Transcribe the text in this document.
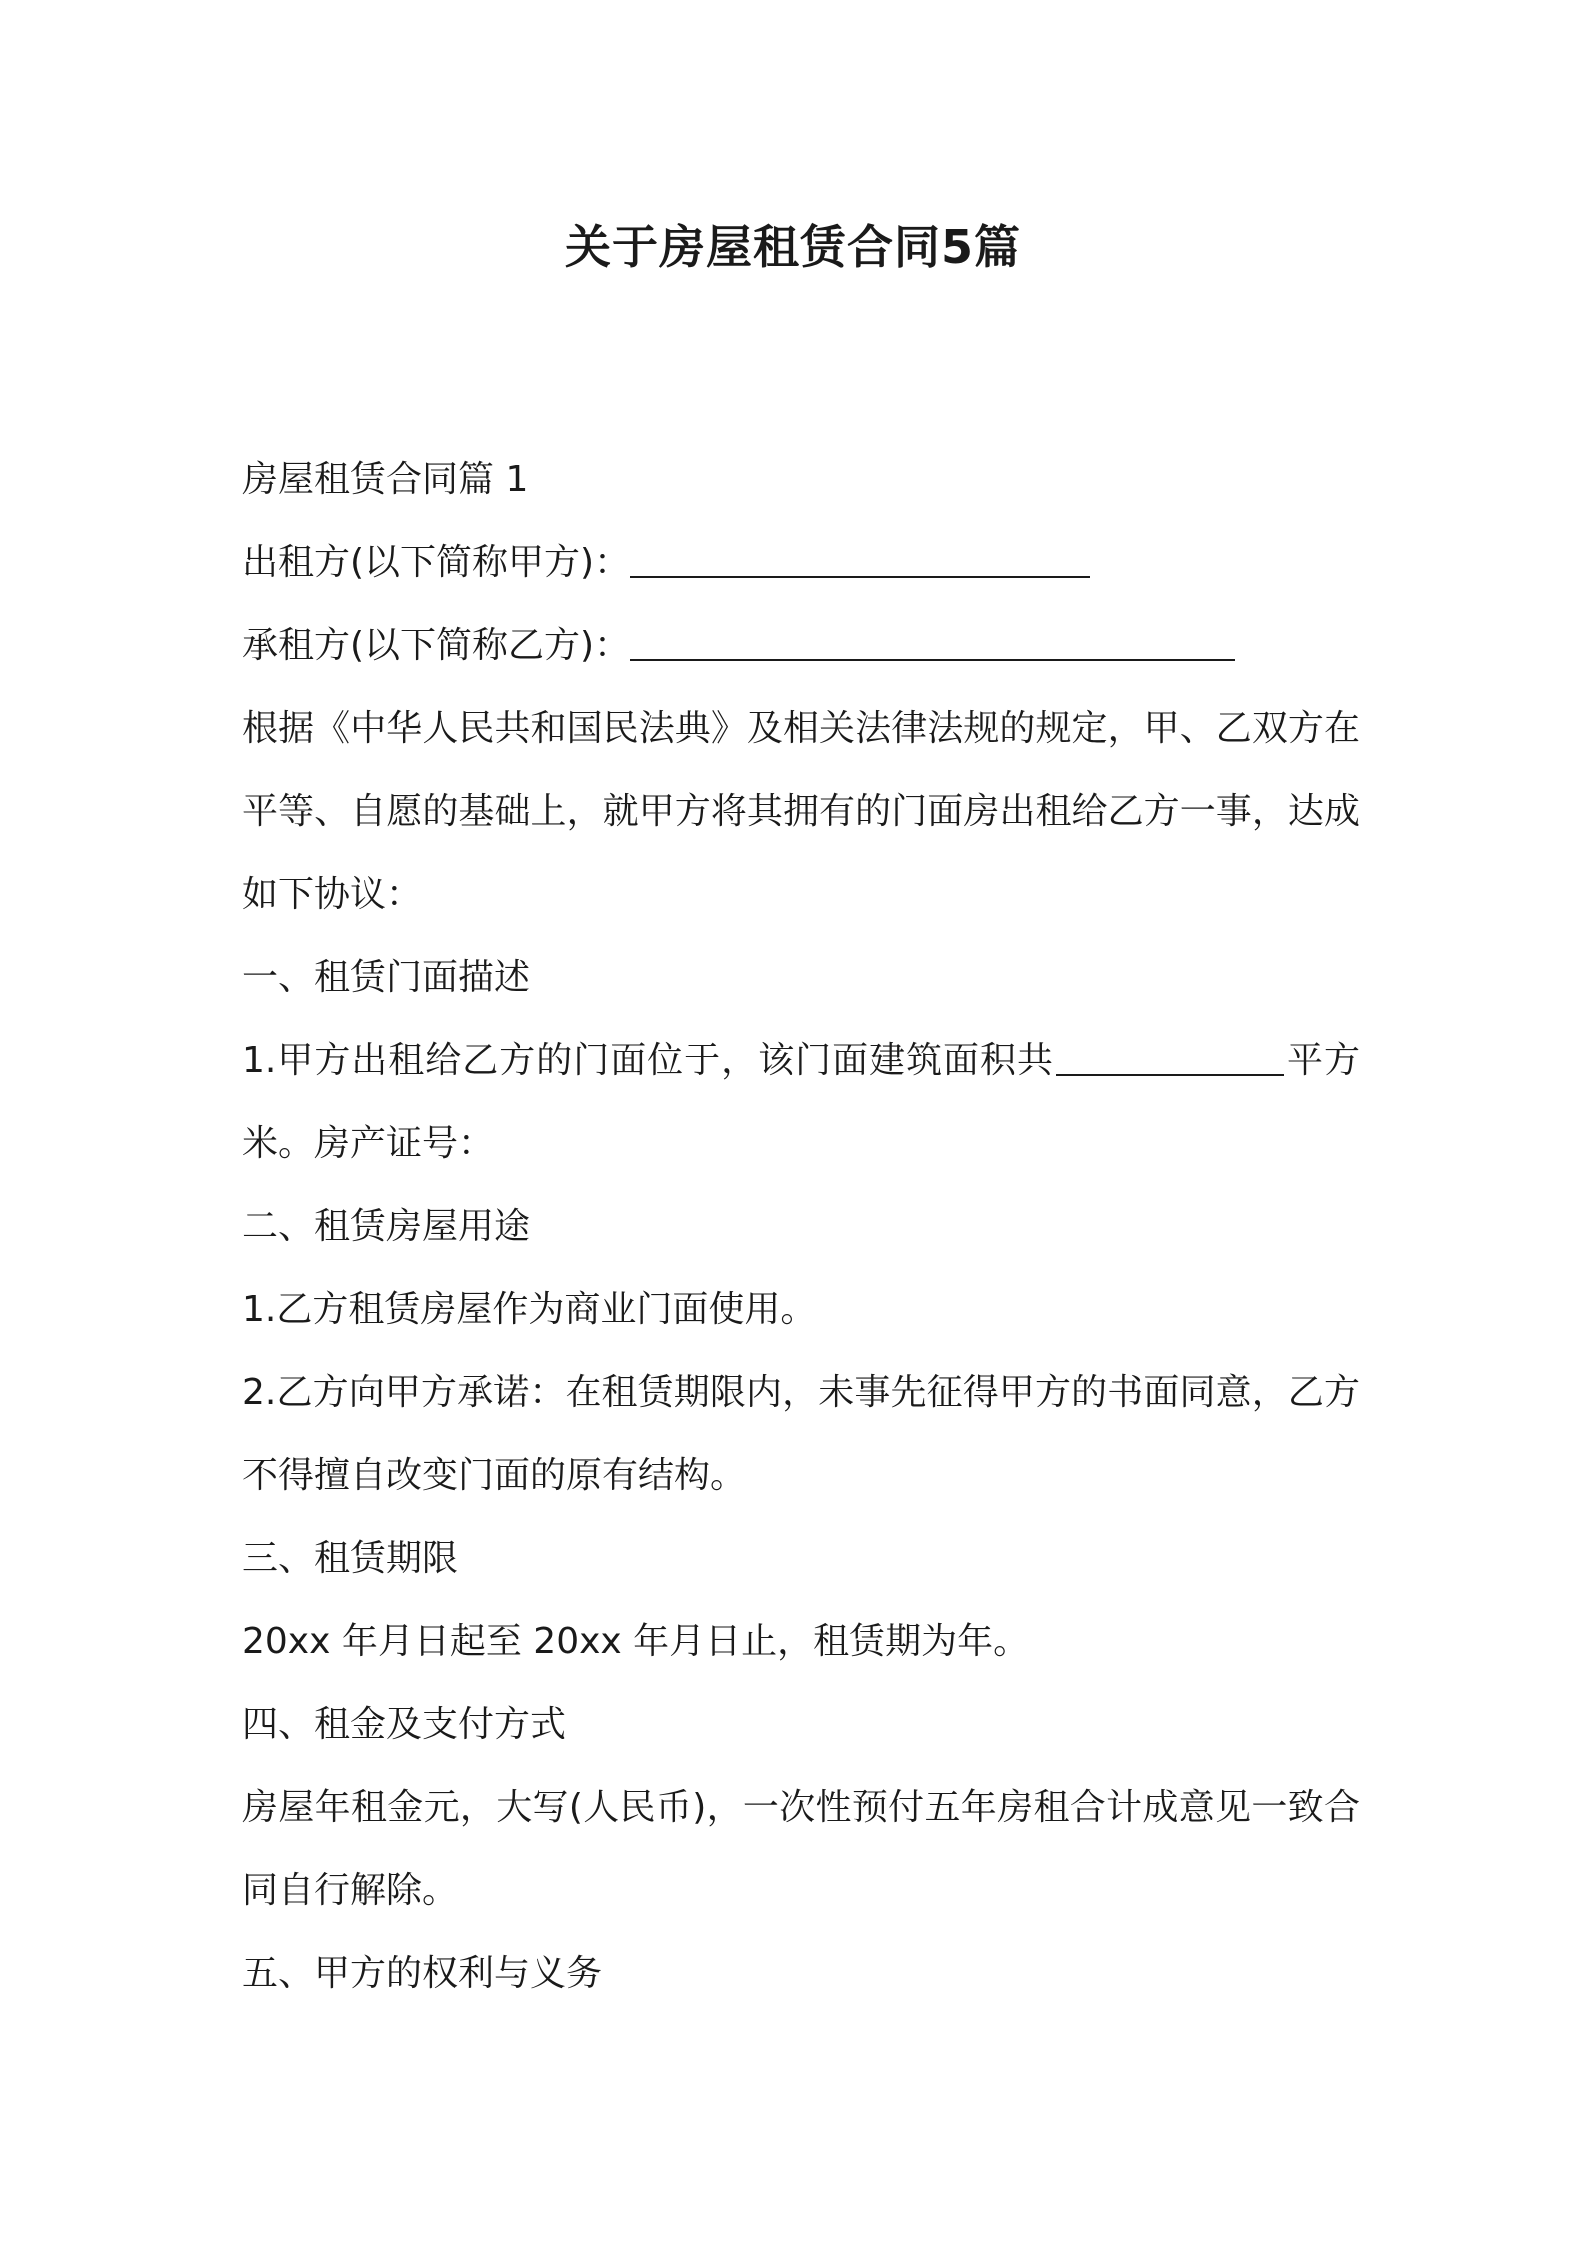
关于房屋租赁合同5篇

房屋租赁合同篇 1

出租方(以下简称甲方)：

承租方(以下简称乙方)：

根据《中华人民共和国民法典》及相关法律法规的规定，甲、乙双方在平等、自愿的基础上，就甲方将其拥有的门面房出租给乙方一事，达成如下协议：

一、租赁门面描述

1.甲方出租给乙方的门面位于，该门面建筑面积共	平方米。房产证号：

二、租赁房屋用途

1.乙方租赁房屋作为商业门面使用。

2.乙方向甲方承诺：在租赁期限内，未事先征得甲方的书面同意，乙方不得擅自改变门面的原有结构。

三、租赁期限

20xx 年月日起至 20xx 年月日止，租赁期为年。

四、租金及支付方式

房屋年租金元，大写(人民币)，一次性预付五年房租合计成意见一致合同自行解除。

五、甲方的权利与义务
